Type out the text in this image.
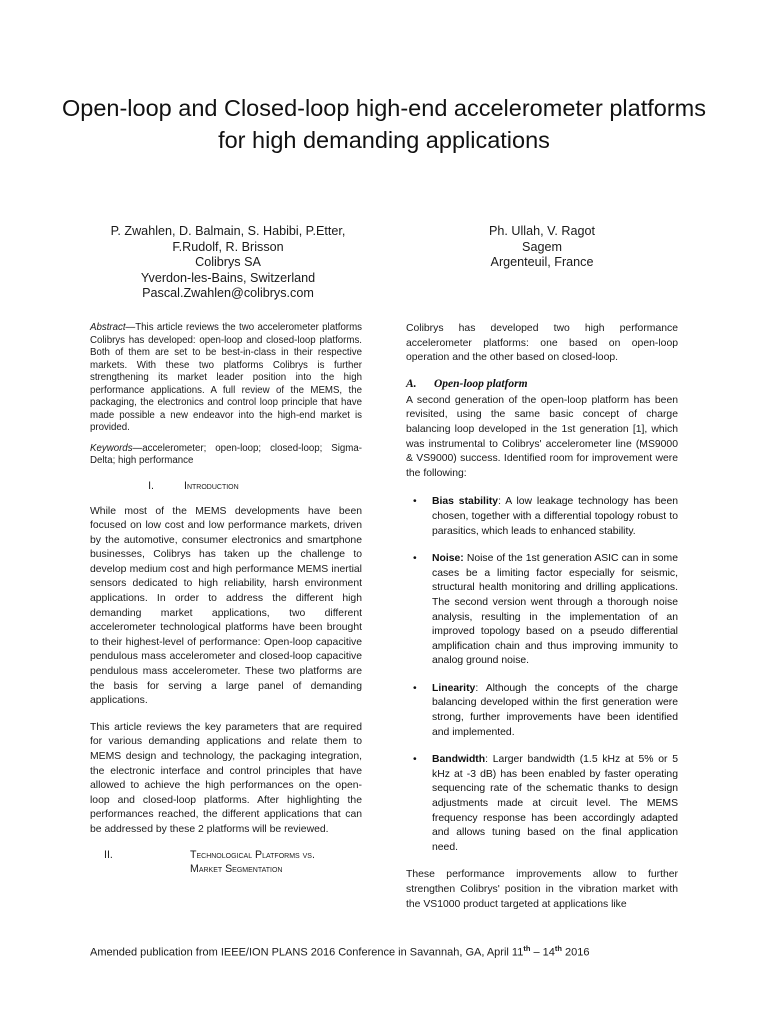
Open-loop and Closed-loop high-end accelerometer platforms for high demanding applications
P. Zwahlen, D. Balmain, S. Habibi, P.Etter,
F.Rudolf, R. Brisson
Colibrys SA
Yverdon-les-Bains, Switzerland
Pascal.Zwahlen@colibrys.com
Ph. Ullah, V. Ragot
Sagem
Argenteuil, France

Abstract—This article reviews the two accelerometer platforms Colibrys has developed: open-loop and closed-loop platforms. Both of them are set to be best-in-class in their respective markets. With these two platforms Colibrys is further strengthening its market leader position into the high performance applications. A full review of the MEMS, the packaging, the electronics and control loop principle that have made possible a new endeavor into the high-end market is provided.

Keywords—accelerometer; open-loop; closed-loop; Sigma-Delta; high performance

I.	Introduction

While most of the MEMS developments have been focused on low cost and low performance markets, driven by the automotive, consumer electronics and smartphone businesses, Colibrys has taken up the challenge to develop medium cost and high performance MEMS inertial sensors dedicated to high reliability, harsh environment applications. In order to address the different high demanding market applications, two different accelerometer technological platforms have been brought to their highest-level of performance: Open-loop capacitive pendulous mass accelerometer and closed-loop capacitive pendulous mass accelerometer. These two platforms are the basis for serving a large panel of demanding applications.

This article reviews the key parameters that are required for various demanding applications and relate them to MEMS design and technology, the packaging integration, the electronic interface and control principles that have allowed to achieve the high performances on the open-loop and closed-loop platforms. After highlighting the performances reached, the different applications that can be addressed by these 2 platforms will be reviewed.

II.	Technological Platforms vs.
Market Segmentation

Colibrys has developed two high performance accelerometer platforms: one based on open-loop operation and the other based on closed-loop.

A.	Open-loop platform

A second generation of the open-loop platform has been revisited, using the same basic concept of charge balancing loop developed in the 1st generation [1], which was instrumental to Colibrys' accelerometer line (MS9000 & VS9000) success. Identified room for improvement were the following:

•	Bias stability: A low leakage technology has been chosen, together with a differential topology robust to parasitics, which leads to enhanced stability.
•	Noise: Noise of the 1st generation ASIC can in some cases be a limiting factor especially for seismic, structural health monitoring and drilling applications. The second version went through a thorough noise analysis, resulting in the implementation of an improved topology based on a pseudo differential amplification chain and thus improving immunity to analog ground noise.
•	Linearity: Although the concepts of the charge balancing developed within the first generation were strong, further improvements have been identified and implemented.
•	Bandwidth: Larger bandwidth (1.5 kHz at 5% or 5 kHz at -3 dB) has been enabled by faster operating sequencing rate of the schematic thanks to design adjustments made at circuit level. The MEMS frequency response has been accordingly adapted and allows tuning based on the final application need.

These performance improvements allow to further strengthen Colibrys' position in the vibration market with the VS1000 product targeted at applications like

Amended publication from IEEE/ION PLANS 2016 Conference in Savannah, GA, April 11th – 14th 2016
